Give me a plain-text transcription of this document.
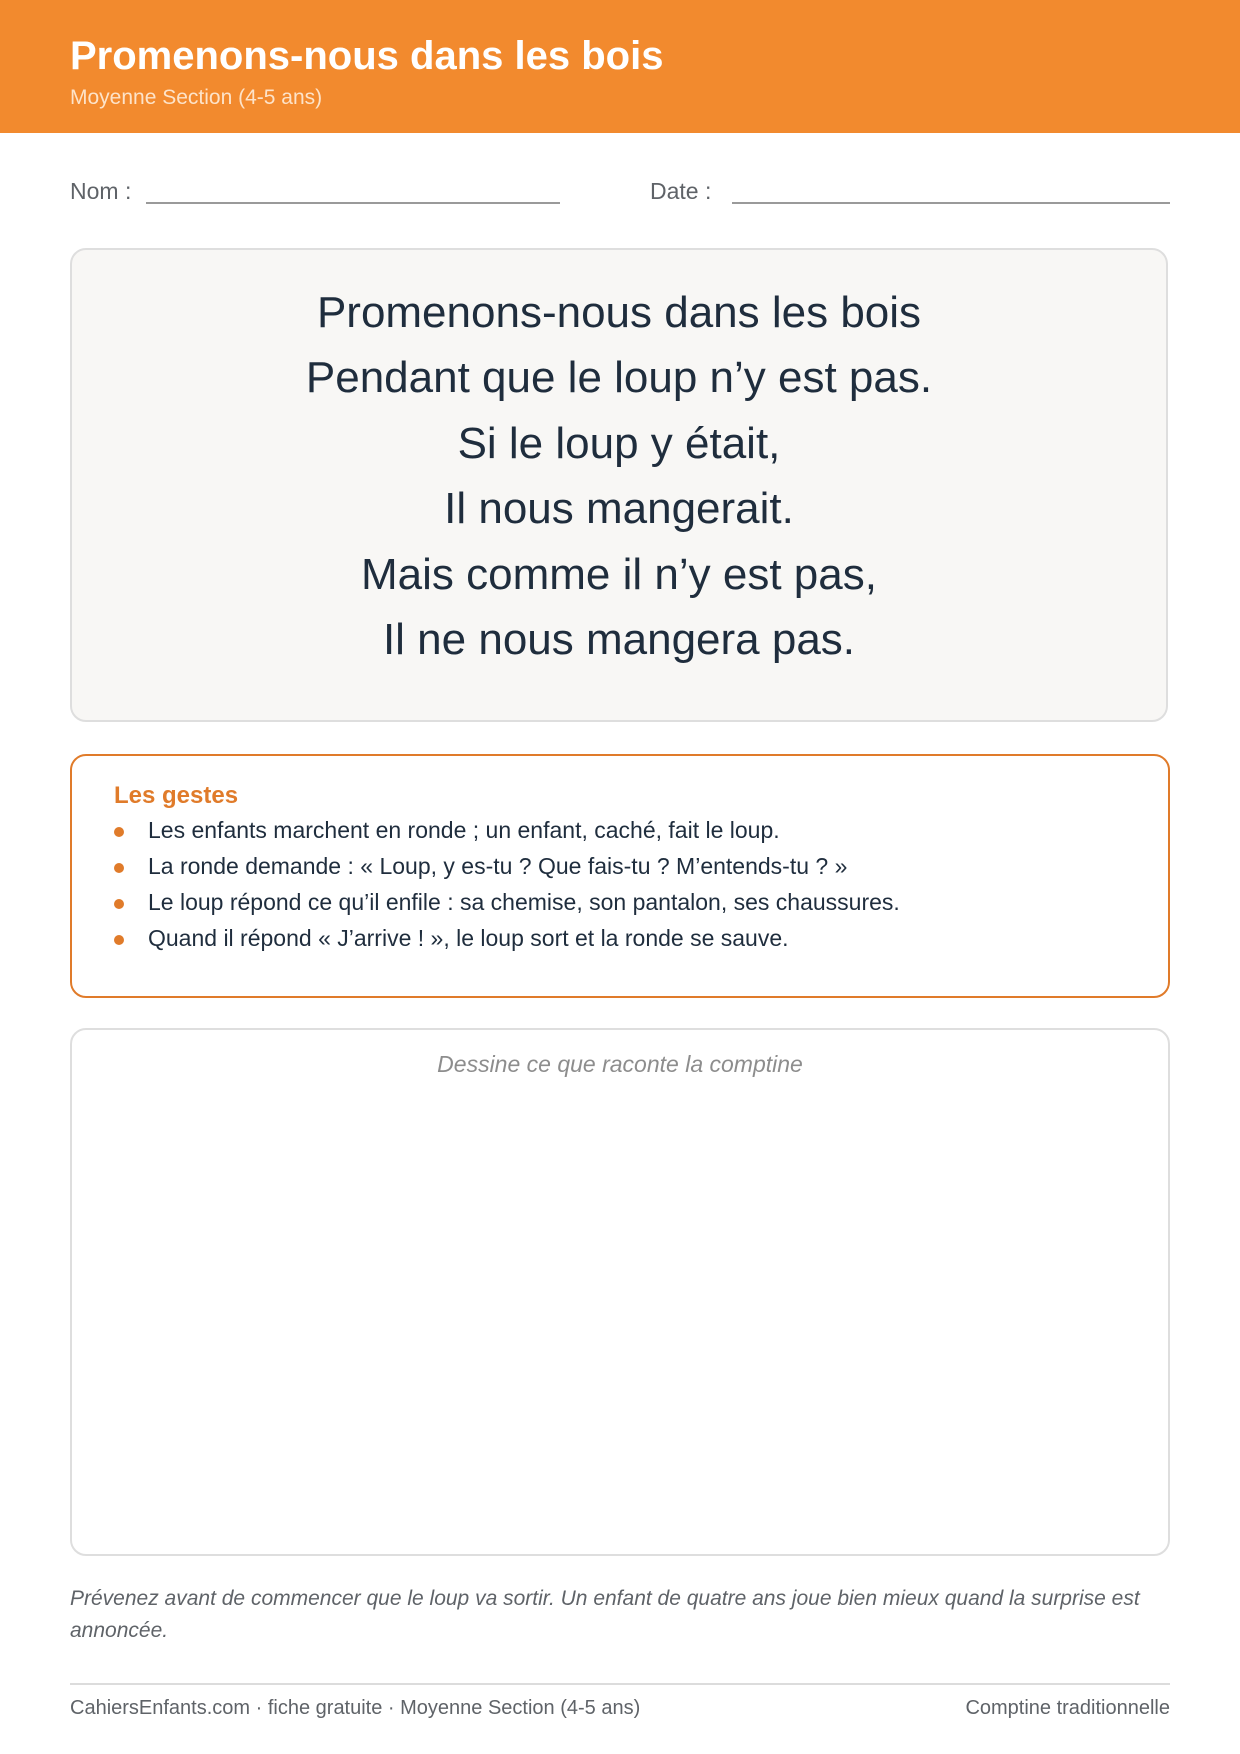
Promenons-nous dans les bois
Moyenne Section (4-5 ans)
Nom :	Date :
Promenons-nous dans les bois
Pendant que le loup n’y est pas.
Si le loup y était,
Il nous mangerait.
Mais comme il n’y est pas,
Il ne nous mangera pas.
Les gestes
Les enfants marchent en ronde ; un enfant, caché, fait le loup.
La ronde demande : « Loup, y es-tu ? Que fais-tu ? M’entends-tu ? »
Le loup répond ce qu’il enfile : sa chemise, son pantalon, ses chaussures.
Quand il répond « J’arrive ! », le loup sort et la ronde se sauve.
Dessine ce que raconte la comptine
Prévenez avant de commencer que le loup va sortir. Un enfant de quatre ans joue bien mieux quand la surprise est annoncée.
CahiersEnfants.com · fiche gratuite · Moyenne Section (4-5 ans)	Comptine traditionnelle
